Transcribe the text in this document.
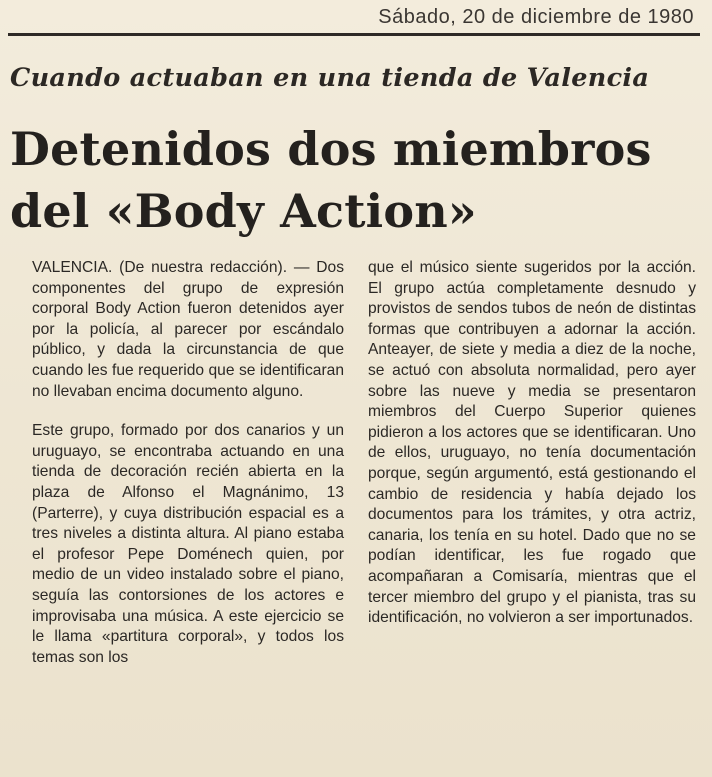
Sábado, 20 de diciembre de 1980
Cuando actuaban en una tienda de Valencia
Detenidos dos miembros
del «Body Action»

VALENCIA. (De nuestra redacción). — Dos componentes del grupo de expresión corporal Body Action fueron detenidos ayer por la policía, al parecer por escándalo público, y dada la circunstancia de que cuando les fue requerido que se identificaran no llevaban encima documento alguno.

Este grupo, formado por dos canarios y un uruguayo, se encontraba actuando en una tienda de decoración recién abierta en la plaza de Alfonso el Magnánimo, 13 (Parterre), y cuya distribución espacial es a tres niveles a distinta altura. Al piano estaba el profesor Pepe Doménech quien, por medio de un video instalado sobre el piano, seguía las contorsiones de los actores e improvisaba una música. A este ejercicio se le llama «partitura corporal», y todos los temas son los

que el músico siente sugeridos por la acción. El grupo actúa completamente desnudo y provistos de sendos tubos de neón de distintas formas que contribuyen a adornar la acción. Anteayer, de siete y media a diez de la noche, se actuó con absoluta normalidad, pero ayer sobre las nueve y media se presentaron miembros del Cuerpo Superior quienes pidieron a los actores que se identificaran. Uno de ellos, uruguayo, no tenía documentación porque, según argumentó, está gestionando el cambio de residencia y había dejado los documentos para los trámites, y otra actriz, canaria, los tenía en su hotel. Dado que no se podían identificar, les fue rogado que acompañaran a Comisaría, mientras que el tercer miembro del grupo y el pianista, tras su identificación, no volvieron a ser importunados.
